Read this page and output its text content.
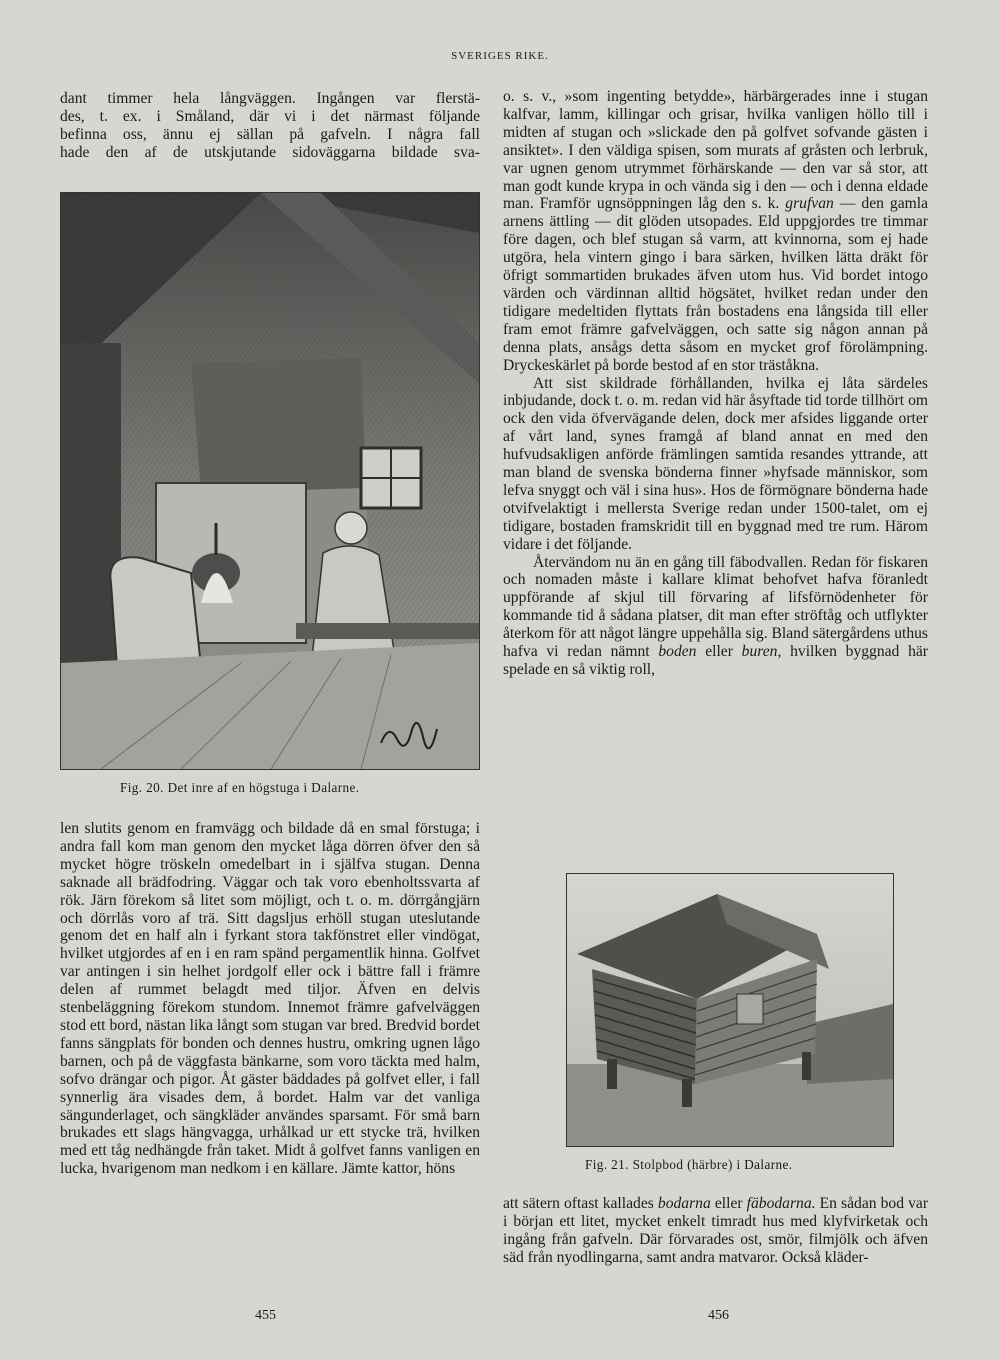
SVERIGES RIKE.

dant timmer hela långväggen. Ingången var flerstä-

des, t. ex. i Småland, där vi i det närmast följande

befinna oss, ännu ej sällan på gafveln. I några fall

hade den af de utskjutande sidoväggarna bildade sva-

Fig. 20. Det inre af en högstuga i Dalarne.

len slutits genom en framvägg och bildade då en smal förstuga; i andra fall kom man genom den mycket låga dörren öfver den så mycket högre tröskeln omedelbart in i själfva stugan. Denna saknade all brädfodring. Väggar och tak voro ebenholtssvarta af rök. Järn förekom så litet som möjligt, och t. o. m. dörrgångjärn och dörrlås voro af trä. Sitt dagsljus erhöll stugan uteslutande genom det en half aln i fyrkant stora takfönstret eller vindögat, hvilket utgjordes af en i en ram spänd pergamentlik hinna. Golfvet var antingen i sin helhet jordgolf eller ock i bättre fall i främre delen af rummet belagdt med tiljor. Äfven en delvis stenbeläggning förekom stundom. Innemot främre gafvelväggen stod ett bord, nästan lika långt som stugan var bred. Bredvid bordet fanns sängplats för bonden och dennes hustru, omkring ugnen lågo barnen, och på de väggfasta bänkarne, som voro täckta med halm, sofvo drängar och pigor. Åt gäster bäddades på golfvet eller, i fall synnerlig ära visades dem, å bordet. Halm var det vanliga sängunderlaget, och sängkläder användes sparsamt. För små barn brukades ett slags hängvagga, urhålkad ur ett stycke trä, hvilken med ett tåg nedhängde från taket. Midt å golfvet fanns vanligen en lucka, hvarigenom man nedkom i en källare. Jämte kattor, höns

o. s. v., »som ingenting betydde», härbärgerades inne i stugan kalfvar, lamm, killingar och grisar, hvilka vanligen höllo till i midten af stugan och »slickade den på golfvet sofvande gästen i ansiktet». I den väldiga spisen, som murats af gråsten och lerbruk, var ugnen genom utrymmet förhärskande — den var så stor, att man godt kunde krypa in och vända sig i den — och i denna eldade man. Framför ugnsöppningen låg den s. k. grufvan — den gamla arnens ättling — dit glöden utsopades. Eld uppgjordes tre timmar före dagen, och blef stugan så varm, att kvinnorna, som ej hade utgöra, hela vintern gingo i bara särken, hvilken lätta dräkt för öfrigt sommartiden brukades äfven utom hus. Vid bordet intogo värden och värdinnan alltid högsätet, hvilket redan under den tidigare medeltiden flyttats från bostadens ena långsida till eller fram emot främre gafvelväggen, och satte sig någon annan på denna plats, ansågs detta såsom en mycket grof förolämpning. Dryckeskärlet på borde bestod af en stor träståkna.

Att sist skildrade förhållanden, hvilka ej låta särdeles inbjudande, dock t. o. m. redan vid här åsyftade tid torde tillhört om ock den vida öfvervägande delen, dock mer afsides liggande orter af vårt land, synes framgå af bland annat en med den hufvudsakligen anförde främlingen samtida resandes yttrande, att man bland de svenska bönderna finner »hyfsade människor, som lefva snyggt och väl i sina hus». Hos de förmögnare bönderna hade otvifvelaktigt i mellersta Sverige redan under 1500-talet, om ej tidigare, bostaden framskridit till en byggnad med tre rum. Härom vidare i det följande.

Återvändom nu än en gång till fäbodvallen. Redan för fiskaren och nomaden måste i kallare klimat behofvet hafva föranledt uppförande af skjul till förvaring af lifsförnödenheter för kommande tid å sådana platser, dit man efter ströftåg och utflykter återkom för att något längre uppehålla sig. Bland sätergårdens uthus hafva vi redan nämnt boden eller buren, hvilken byggnad här spelade en så viktig roll,

Fig. 21. Stolpbod (härbre) i Dalarne.

att sätern oftast kallades bodarna eller fäbodarna. En sådan bod var i början ett litet, mycket enkelt timradt hus med klyfvirketak och ingång från gafveln. Där förvarades ost, smör, filmjölk och äfven säd från nyodlingarna, samt andra matvaror. Också kläder-

455	456
